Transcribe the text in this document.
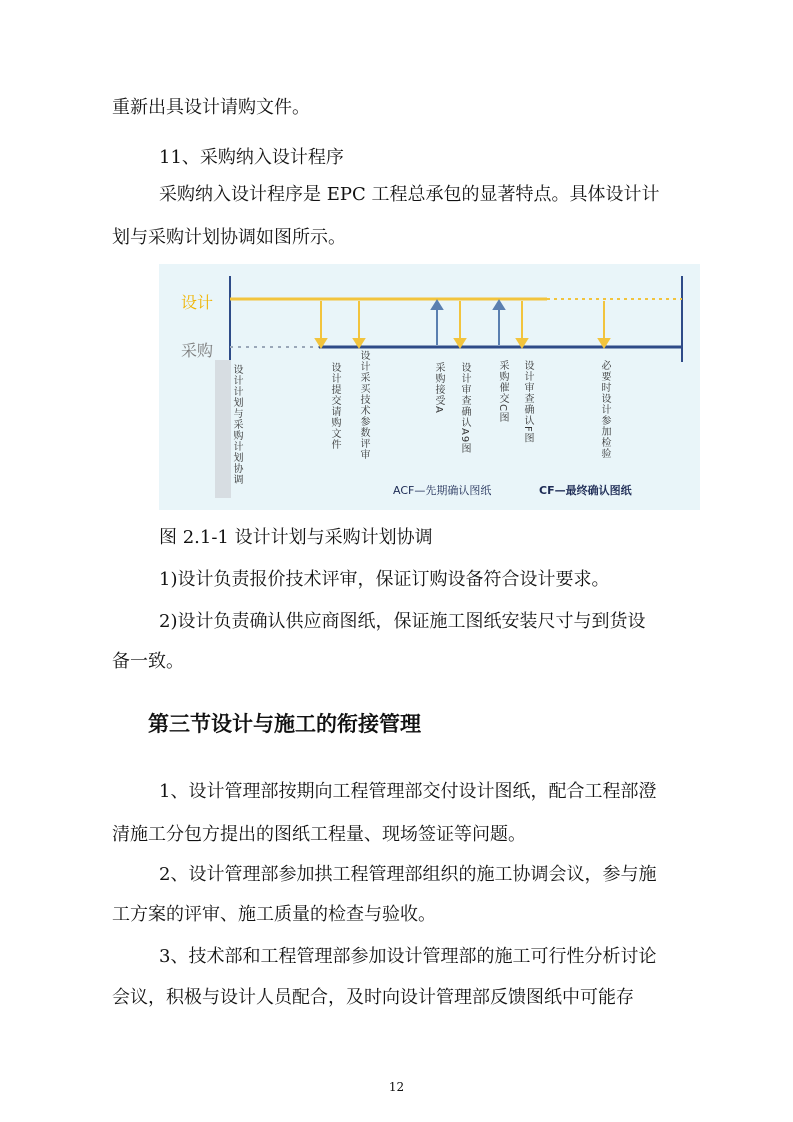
重新出具设计请购文件。
11、采购纳入设计程序
采购纳入设计程序是 EPC 工程总承包的显著特点。具体设计计
划与采购计划协调如图所示。
设计
采购
设计计划与采购计划协调	设计提交请购文件 设计采买技术参数评审	采购接受A 设计审查确认A9图	采购催交C图 设计审查确认F图	必要时设计参加检验
ACF—先期确认图纸	CF—最终确认图纸
图 2.1-1 设计计划与采购计划协调
1)设计负责报价技术评审，保证订购设备符合设计要求。
2)设计负责确认供应商图纸，保证施工图纸安装尺寸与到货设
备一致。
第三节设计与施工的衔接管理
1、设计管理部按期向工程管理部交付设计图纸，配合工程部澄
清施工分包方提出的图纸工程量、现场签证等问题。
2、设计管理部参加拱工程管理部组织的施工协调会议，参与施
工方案的评审、施工质量的检查与验收。
3、技术部和工程管理部参加设计管理部的施工可行性分析讨论
会议，积极与设计人员配合，及时向设计管理部反馈图纸中可能存
12
